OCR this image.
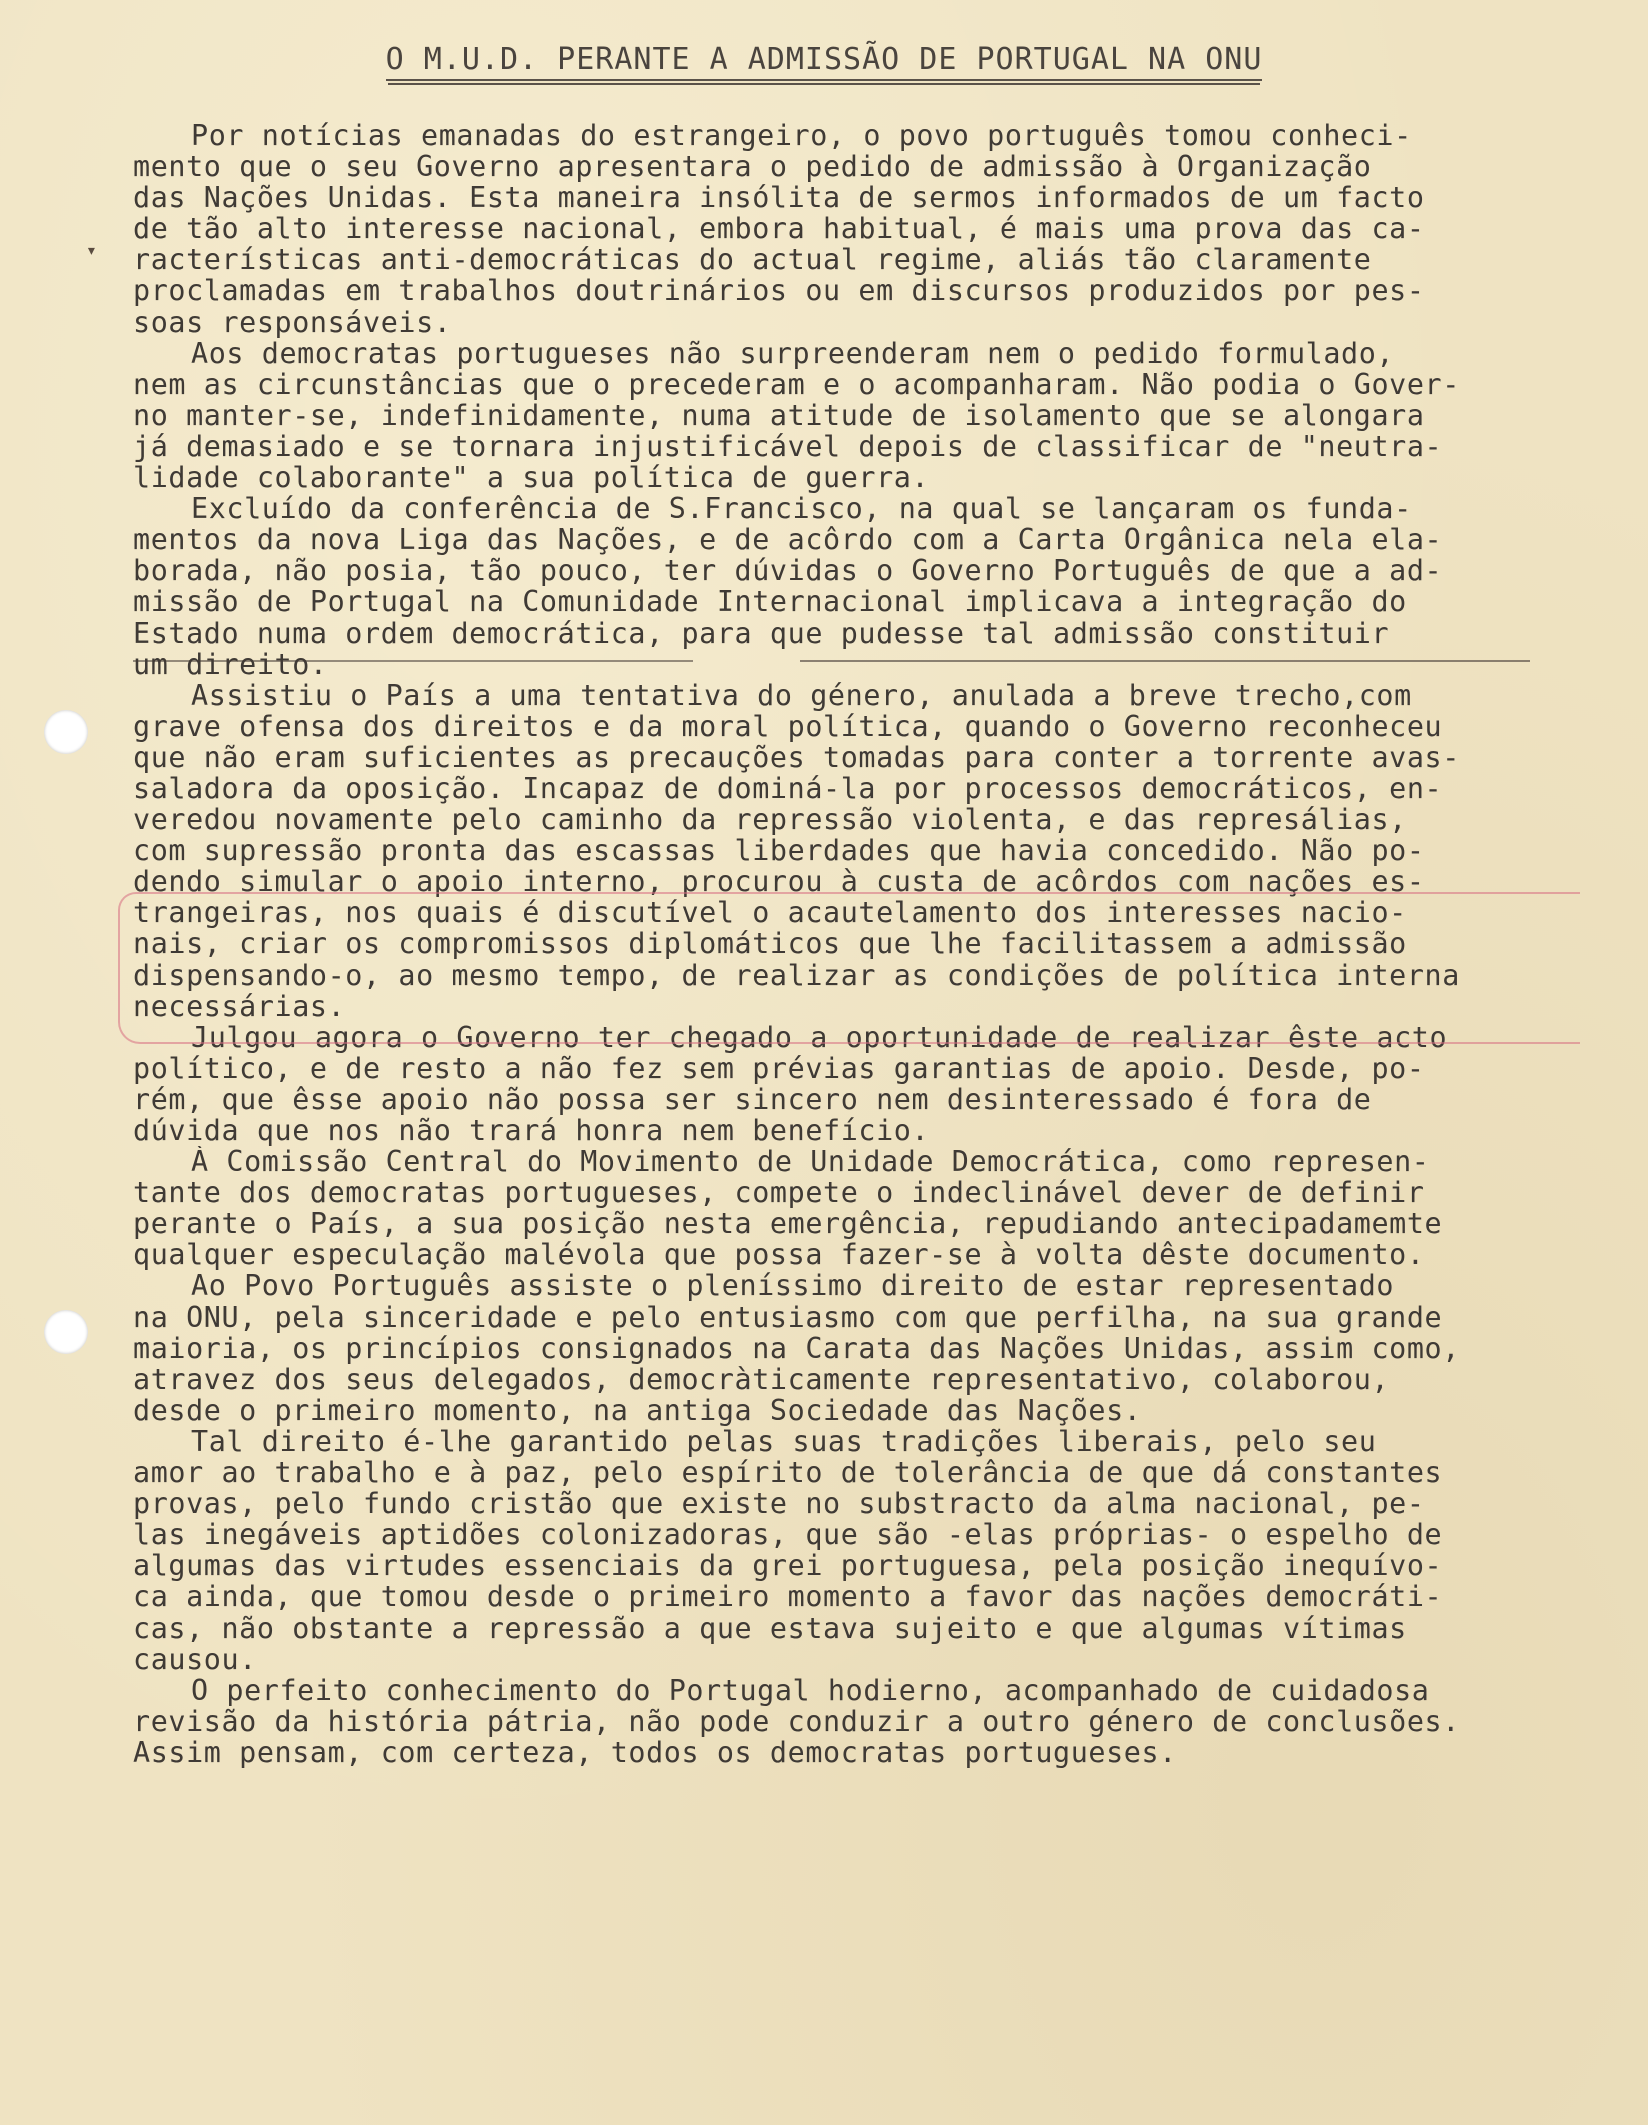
▾
O M.U.D. PERANTE A ADMISSÃO DE PORTUGAL NA ONU
Por notícias emanadas do estrangeiro, o povo português tomou conheci-
mento que o seu Governo apresentara o pedido de admissão à Organização
das Nações Unidas. Esta maneira insólita de sermos informados de um facto
de tão alto interesse nacional, embora habitual, é mais uma prova das ca-
racterísticas anti-democráticas do actual regime, aliás tão claramente
proclamadas em trabalhos doutrinários ou em discursos produzidos por pes-
soas responsáveis.
Aos democratas portugueses não surpreenderam nem o pedido formulado,
nem as circunstâncias que o precederam e o acompanharam. Não podia o Gover-
no manter-se, indefinidamente, numa atitude de isolamento que se alongara
já demasiado e se tornara injustificável depois de classificar de "neutra-
lidade colaborante" a sua política de guerra.
Excluído da conferência de S.Francisco, na qual se lançaram os funda-
mentos da nova Liga das Nações, e de acôrdo com a Carta Orgânica nela ela-
borada, não posia, tão pouco, ter dúvidas o Governo Português de que a ad-
missão de Portugal na Comunidade Internacional implicava a integração do
Estado numa ordem democrática, para que pudesse tal admissão constituir
um direito.
Assistiu o País a uma tentativa do género, anulada a breve trecho,com
grave ofensa dos direitos e da moral política, quando o Governo reconheceu
que não eram suficientes as precauções tomadas para conter a torrente avas-
saladora da oposição. Incapaz de dominá-la por processos democráticos, en-
veredou novamente pelo caminho da repressão violenta, e das represálias,
com supressão pronta das escassas liberdades que havia concedido. Não po-
dendo simular o apoio interno, procurou à custa de acôrdos com nações es-
trangeiras, nos quais é discutível o acautelamento dos interesses nacio-
nais, criar os compromissos diplomáticos que lhe facilitassem a admissão
dispensando-o, ao mesmo tempo, de realizar as condições de política interna
necessárias.
Julgou agora o Governo ter chegado a oportunidade de realizar êste acto
político, e de resto a não fez sem prévias garantias de apoio. Desde, po-
rém, que êsse apoio não possa ser sincero nem desinteressado é fora de
dúvida que nos não trará honra nem benefício.
À Comissão Central do Movimento de Unidade Democrática, como represen-
tante dos democratas portugueses, compete o indeclinável dever de definir
perante o País, a sua posição nesta emergência, repudiando antecipadamemte
qualquer especulação malévola que possa fazer-se à volta dêste documento.
Ao Povo Português assiste o pleníssimo direito de estar representado
na ONU, pela sinceridade e pelo entusiasmo com que perfilha, na sua grande
maioria, os princípios consignados na Carata das Nações Unidas, assim como,
atravez dos seus delegados, democràticamente representativo, colaborou,
desde o primeiro momento, na antiga Sociedade das Nações.
Tal direito é-lhe garantido pelas suas tradições liberais, pelo seu
amor ao trabalho e à paz, pelo espírito de tolerância de que dá constantes
provas, pelo fundo cristão que existe no substracto da alma nacional, pe-
las inegáveis aptidões colonizadoras, que são -elas próprias- o espelho de
algumas das virtudes essenciais da grei portuguesa, pela posição inequívo-
ca ainda, que tomou desde o primeiro momento a favor das nações democráti-
cas, não obstante a repressão a que estava sujeito e que algumas vítimas
causou.
O perfeito conhecimento do Portugal hodierno, acompanhado de cuidadosa
revisão da história pátria, não pode conduzir a outro género de conclusões.
Assim pensam, com certeza, todos os democratas portugueses.
